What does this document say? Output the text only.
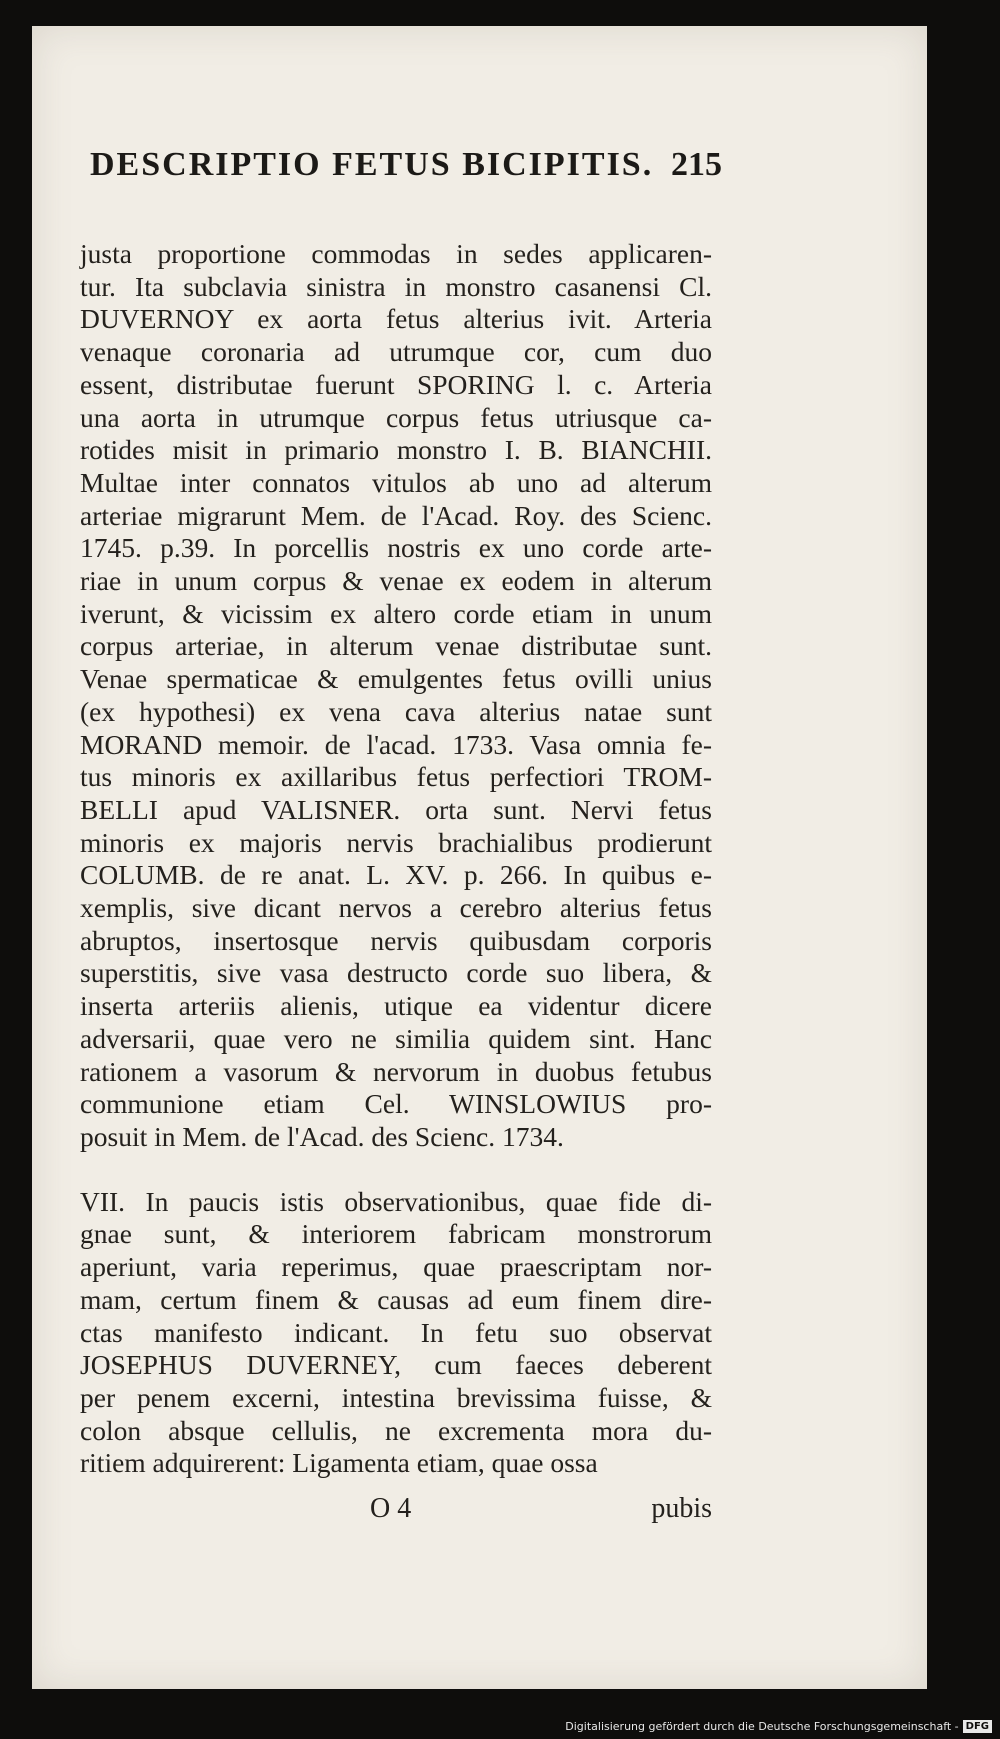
DESCRIPTIO FETUS BICIPITIS. 215
justa proportione commodas in sedes applicaren-
tur. Ita subclavia sinistra in monstro casanensi Cl.
DUVERNOY ex aorta fetus alterius ivit. Arteria
venaque coronaria ad utrumque cor, cum duo
essent, distributae fuerunt SPORING l. c. Arteria
una aorta in utrumque corpus fetus utriusque ca-
rotides misit in primario monstro I. B. BIANCHII.
Multae inter connatos vitulos ab uno ad alterum
arteriae migrarunt Mem. de l'Acad. Roy. des Scienc.
1745. p.39. In porcellis nostris ex uno corde arte-
riae in unum corpus & venae ex eodem in alterum
iverunt, & vicissim ex altero corde etiam in unum
corpus arteriae, in alterum venae distributae sunt.
Venae spermaticae & emulgentes fetus ovilli unius
(ex hypothesi) ex vena cava alterius natae sunt
MORAND memoir. de l'acad. 1733. Vasa omnia fe-
tus minoris ex axillaribus fetus perfectiori TROM-
BELLI apud VALISNER. orta sunt. Nervi fetus
minoris ex majoris nervis brachialibus prodierunt
COLUMB. de re anat. L. XV. p. 266. In quibus e-
xemplis, sive dicant nervos a cerebro alterius fetus
abruptos, insertosque nervis quibusdam corporis
superstitis, sive vasa destructo corde suo libera, &
inserta arteriis alienis, utique ea videntur dicere
adversarii, quae vero ne similia quidem sint. Hanc
rationem a vasorum & nervorum in duobus fetubus
communione etiam Cel. WINSLOWIUS pro-
posuit in Mem. de l'Acad. des Scienc. 1734.
VII. In paucis istis observationibus, quae fide di-
gnae sunt, & interiorem fabricam monstrorum
aperiunt, varia reperimus, quae praescriptam nor-
mam, certum finem & causas ad eum finem dire-
ctas manifesto indicant. In fetu suo observat
JOSEPHUS DUVERNEY, cum faeces deberent
per penem excerni, intestina brevissima fuisse, &
colon absque cellulis, ne excrementa mora du-
ritiem adquirerent: Ligamenta etiam, quae ossa
O 4	pubis
Digitalisierung gefördert durch die Deutsche Forschungsgemeinschaft - DFG
